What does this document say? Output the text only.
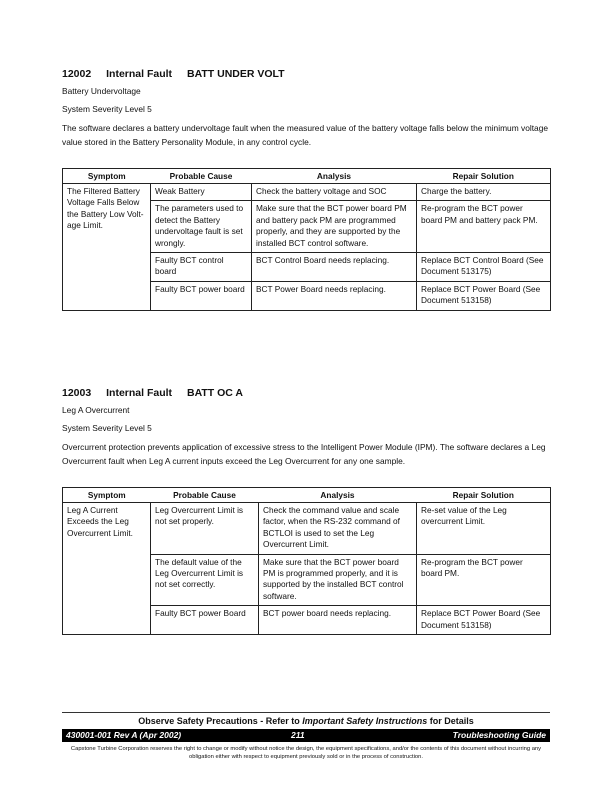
12002 Internal Fault BATT UNDER VOLT
Battery Undervoltage
System Severity Level 5
The software declares a battery undervoltage fault when the measured value of the battery voltage falls below the minimum voltage value stored in the Battery Personality Module, in any control cycle.
Symptom	Probable Cause	Analysis	Repair Solution
The Filtered Battery Voltage Falls Below the Battery Low Volt-age Limit.	Weak Battery	Check the battery voltage and SOC	Charge the battery.
	The parameters used to detect the Battery undervoltage fault is set wrongly.	Make sure that the BCT power board PM and battery pack PM are programmed properly, and they are supported by the installed BCT control software.	Re-program the BCT power board PM and battery pack PM.
	Faulty BCT control board	BCT Control Board needs replacing.	Replace BCT Control Board (See Document 513175)
	Faulty BCT power board	BCT Power Board needs replacing.	Replace BCT Power Board (See Document 513158)
12003 Internal Fault BATT OC A
Leg A Overcurrent
System Severity Level 5
Overcurrent protection prevents application of excessive stress to the Intelligent Power Module (IPM). The software declares a Leg Overcurrent fault when Leg A current inputs exceed the Leg Overcurrent for any one sample.
Symptom	Probable Cause	Analysis	Repair Solution
Leg A Current Exceeds the Leg Overcurrent Limit.	Leg Overcurrent Limit is not set properly.	Check the command value and scale factor, when the RS-232 command of BCTLOI is used to set the Leg Overcurrent Limit.	Re-set value of the Leg overcurrent Limit.
	The default value of the Leg Overcurrent Limit is not set correctly.	Make sure that the BCT power board PM is programmed properly, and it is supported by the installed BCT control software.	Re-program the BCT power board PM.
	Faulty BCT power Board	BCT power board needs replacing.	Replace BCT Power Board (See Document 513158)
Observe Safety Precautions - Refer to Important Safety Instructions for Details
430001-001 Rev A (Apr 2002)	211	Troubleshooting Guide
Capstone Turbine Corporation reserves the right to change or modify without notice the design, the equipment specifications, and/or the contents of this document without incurring any obligation either with respect to equipment previously sold or in the process of construction.
